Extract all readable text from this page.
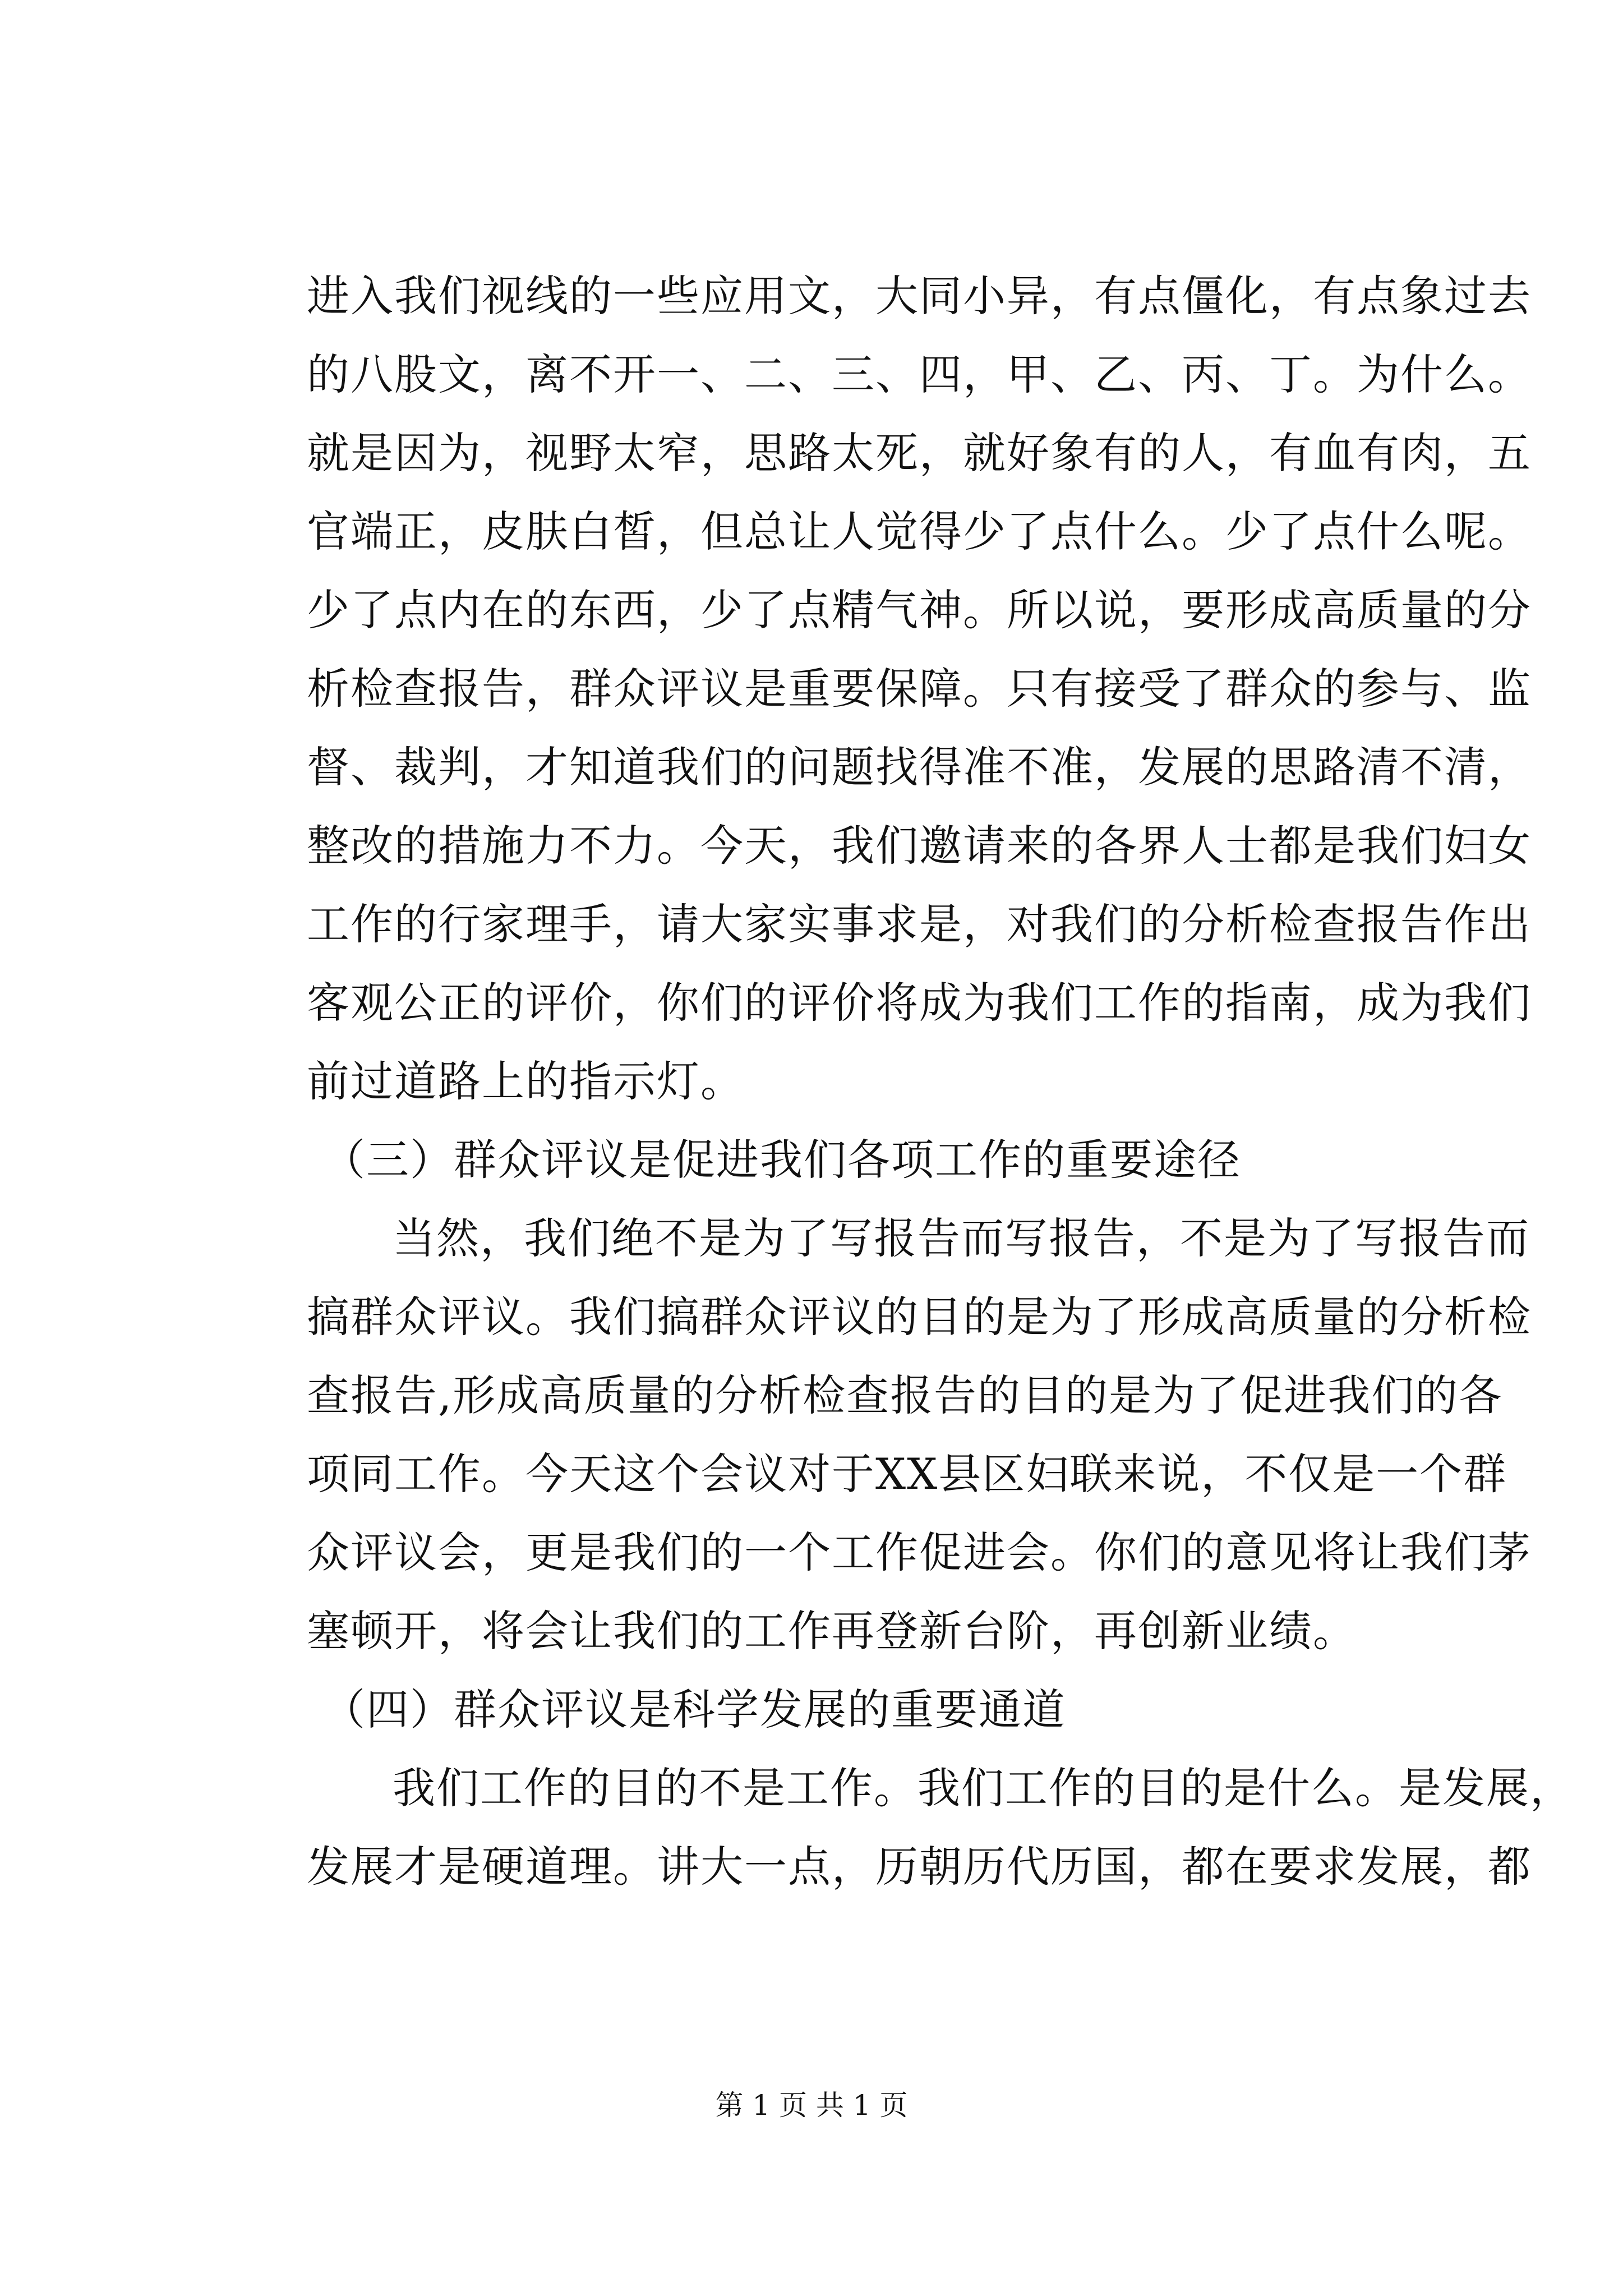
进入我们视线的一些应用文，大同小异，有点僵化，有点象过去
的八股文，离不开一、二、三、四，甲、乙、丙、丁。为什么。
就是因为，视野太窄，思路太死，就好象有的人，有血有肉，五
官端正，皮肤白皙，但总让人觉得少了点什么。少了点什么呢。
少了点内在的东西，少了点精气神。所以说，要形成高质量的分
析检查报告，群众评议是重要保障。只有接受了群众的参与、监
督、裁判，才知道我们的问题找得准不准，发展的思路清不清，
整改的措施力不力。今天，我们邀请来的各界人士都是我们妇女
工作的行家理手，请大家实事求是，对我们的分析检查报告作出
客观公正的评价，你们的评价将成为我们工作的指南，成为我们
前过道路上的指示灯。
（三）群众评议是促进我们各项工作的重要途径
当然，我们绝不是为了写报告而写报告，不是为了写报告而
搞群众评议。我们搞群众评议的目的是为了形成高质量的分析检
查报告,形成高质量的分析检查报告的目的是为了促进我们的各
项同工作。今天这个会议对于XX县区妇联来说，不仅是一个群
众评议会，更是我们的一个工作促进会。你们的意见将让我们茅
塞顿开，将会让我们的工作再登新台阶，再创新业绩。
（四）群众评议是科学发展的重要通道
我们工作的目的不是工作。我们工作的目的是什么。是发展，
发展才是硬道理。讲大一点，历朝历代历国，都在要求发展，都
第 1 页 共 1 页
